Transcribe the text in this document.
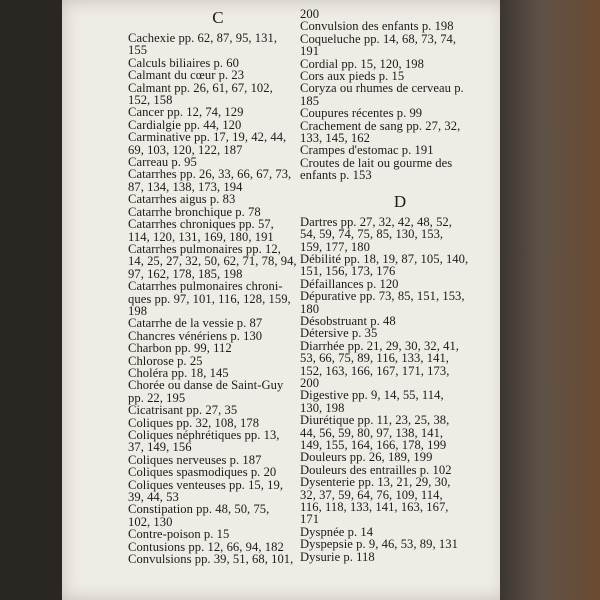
C
Cachexie pp. 62, 87, 95, 131,
155
Calculs biliaires p. 60
Calmant du cœur p. 23
Calmant pp. 26, 61, 67, 102,
152, 158
Cancer pp. 12, 74, 129
Cardialgie pp. 44, 120
Carminative pp. 17, 19, 42, 44,
69, 103, 120, 122, 187
Carreau p. 95
Catarrhes pp. 26, 33, 66, 67, 73,
87, 134, 138, 173, 194
Catarrhes aigus p. 83
Catarrhe bronchique p. 78
Catarrhes chroniques pp. 57,
114, 120, 131, 169, 180, 191
Catarrhes pulmonaires pp. 12,
14, 25, 27, 32, 50, 62, 71, 78, 94,
97, 162, 178, 185, 198
Catarrhes pulmonaires chroni-
ques pp. 97, 101, 116, 128, 159,
198
Catarrhe de la vessie p. 87
Chancres vénériens p. 130
Charbon pp. 99, 112
Chlorose p. 25
Choléra pp. 18, 145
Chorée ou danse de Saint-Guy
pp. 22, 195
Cicatrisant pp. 27, 35
Coliques pp. 32, 108, 178
Coliques néphrétiques pp. 13,
37, 149, 156
Coliques nerveuses p. 187
Coliques spasmodiques p. 20
Coliques venteuses pp. 15, 19,
39, 44, 53
Constipation pp. 48, 50, 75,
102, 130
Contre-poison p. 15
Contusions pp. 12, 66, 94, 182
Convulsions pp. 39, 51, 68, 101,
200
Convulsion des enfants p. 198
Coqueluche pp. 14, 68, 73, 74,
191
Cordial pp. 15, 120, 198
Cors aux pieds p. 15
Coryza ou rhumes de cerveau p.
185
Coupures récentes p. 99
Crachement de sang pp. 27, 32,
133, 145, 162
Crampes d'estomac p. 191
Croutes de lait ou gourme des
enfants p. 153
D
Dartres pp. 27, 32, 42, 48, 52,
54, 59, 74, 75, 85, 130, 153,
159, 177, 180
Débilité pp. 18, 19, 87, 105, 140,
151, 156, 173, 176
Défaillances p. 120
Dépurative pp. 73, 85, 151, 153,
180
Désobstruant p. 48
Détersive p. 35
Diarrhée pp. 21, 29, 30, 32, 41,
53, 66, 75, 89, 116, 133, 141,
152, 163, 166, 167, 171, 173,
200
Digestive pp. 9, 14, 55, 114,
130, 198
Diurétique pp. 11, 23, 25, 38,
44, 56, 59, 80, 97, 138, 141,
149, 155, 164, 166, 178, 199
Douleurs pp. 26, 189, 199
Douleurs des entrailles p. 102
Dysenterie pp. 13, 21, 29, 30,
32, 37, 59, 64, 76, 109, 114,
116, 118, 133, 141, 163, 167,
171
Dyspnée p. 14
Dyspepsie p. 9, 46, 53, 89, 131
Dysurie p. 118
